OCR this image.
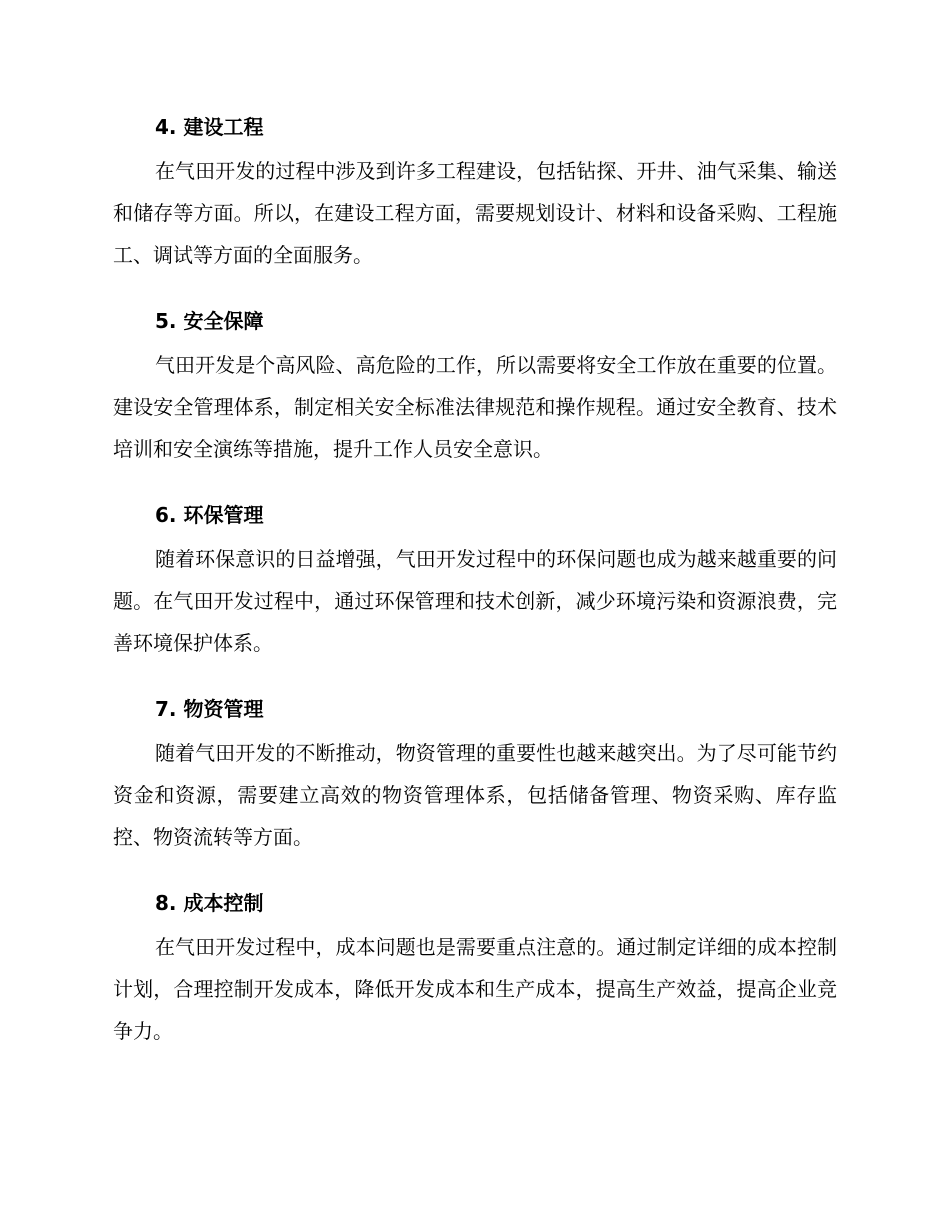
4. 建设工程

在气田开发的过程中涉及到许多工程建设，包括钻探、开井、油气采集、输送和储存等方面。所以，在建设工程方面，需要规划设计、材料和设备采购、工程施工、调试等方面的全面服务。

5. 安全保障

气田开发是个高风险、高危险的工作，所以需要将安全工作放在重要的位置。建设安全管理体系，制定相关安全标准法律规范和操作规程。通过安全教育、技术培训和安全演练等措施，提升工作人员安全意识。

6. 环保管理

随着环保意识的日益增强，气田开发过程中的环保问题也成为越来越重要的问题。在气田开发过程中，通过环保管理和技术创新，减少环境污染和资源浪费，完善环境保护体系。

7. 物资管理

随着气田开发的不断推动，物资管理的重要性也越来越突出。为了尽可能节约资金和资源，需要建立高效的物资管理体系，包括储备管理、物资采购、库存监控、物资流转等方面。

8. 成本控制

在气田开发过程中，成本问题也是需要重点注意的。通过制定详细的成本控制计划，合理控制开发成本，降低开发成本和生产成本，提高生产效益，提高企业竞争力。
